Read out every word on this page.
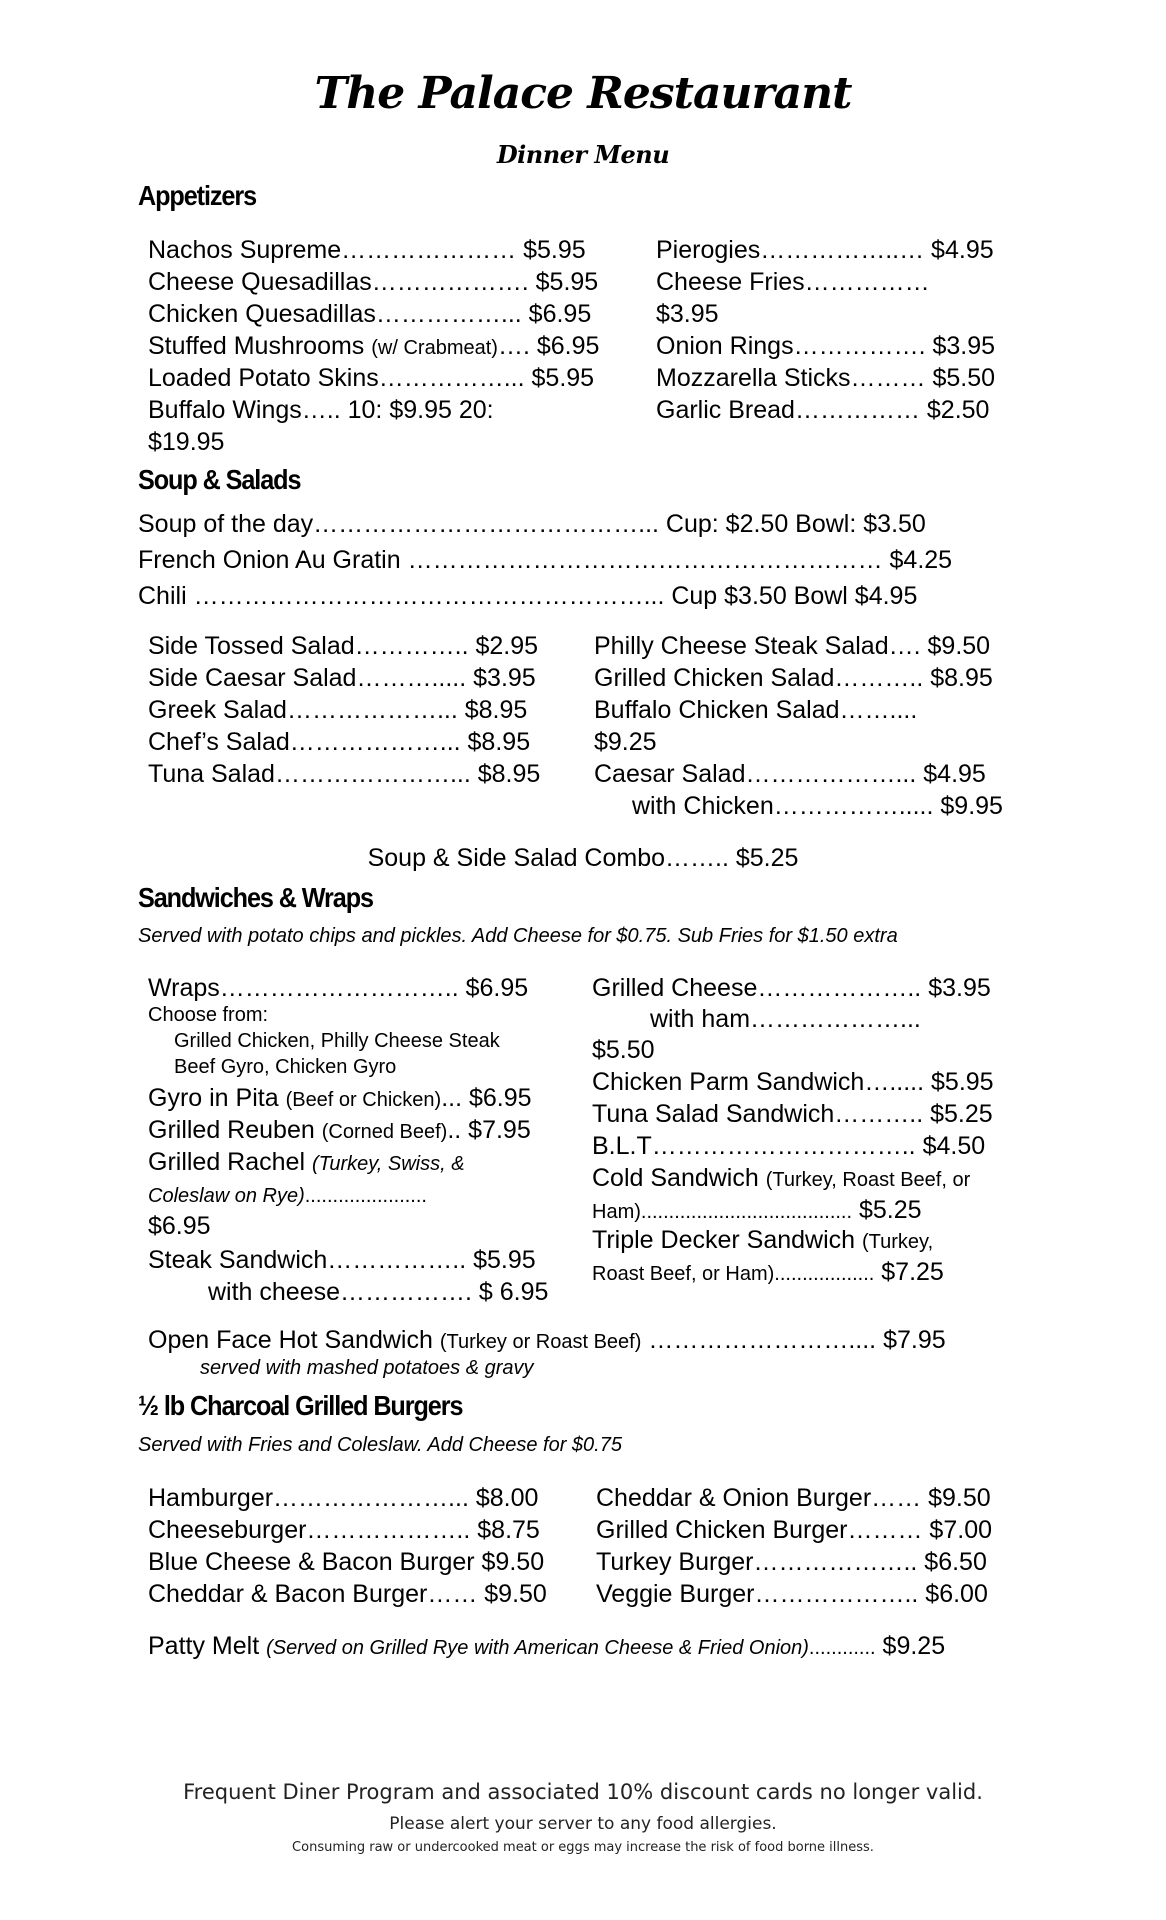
The Palace Restaurant
Dinner Menu
Appetizers
Nachos Supreme………………… $5.95
Cheese Quesadillas………………. $5.95
Chicken Quesadillas……………... $6.95
Stuffed Mushrooms (w/ Crabmeat)…. $6.95
Loaded Potato Skins……………... $5.95
Buffalo Wings….. 10: $9.95 20:
$19.95
Pierogies……………..… $4.95
Cheese Fries……………
$3.95
Onion Rings……………. $3.95
Mozzarella Sticks……… $5.50
Garlic Bread…………… $2.50
Soup & Salads
Soup of the day…………………………………... Cup: $2.50 Bowl: $3.50
French Onion Au Gratin ………………………………………………… $4.25
Chili ………………………………………………... Cup $3.50 Bowl $4.95
Side Tossed Salad………….. $2.95
Side Caesar Salad………..... $3.95
Greek Salad………………... $8.95
Chef’s Salad………………... $8.95
Tuna Salad…………………... $8.95
Philly Cheese Steak Salad…. $9.50
Grilled Chicken Salad……….. $8.95
Buffalo Chicken Salad……....
$9.25
Caesar Salad………………... $4.95
with Chicken……………..... $9.95
Soup & Side Salad Combo…….. $5.25
Sandwiches & Wraps
Served with potato chips and pickles. Add Cheese for $0.75. Sub Fries for $1.50 extra
Wraps……………………….. $6.95
Choose from:
Grilled Chicken, Philly Cheese Steak
Beef Gyro, Chicken Gyro
Gyro in Pita (Beef or Chicken)... $6.95
Grilled Reuben (Corned Beef).. $7.95
Grilled Rachel (Turkey, Swiss, &
Coleslaw on Rye)......................
$6.95
Steak Sandwich…………….. $5.95
with cheese……………. $ 6.95
Grilled Cheese……………….. $3.95
with ham………………...
$5.50
Chicken Parm Sandwich…..... $5.95
Tuna Salad Sandwich……….. $5.25
B.L.T………………………….. $4.50
Cold Sandwich (Turkey, Roast Beef, or
Ham)...................................... $5.25
Triple Decker Sandwich (Turkey,
Roast Beef, or Ham).................. $7.25
Open Face Hot Sandwich (Turkey or Roast Beef) …………………….... $7.95
served with mashed potatoes & gravy
½ lb Charcoal Grilled Burgers
Served with Fries and Coleslaw. Add Cheese for $0.75
Hamburger…………………... $8.00
Cheeseburger……………….. $8.75
Blue Cheese & Bacon Burger $9.50
Cheddar & Bacon Burger…… $9.50
Cheddar & Onion Burger…… $9.50
Grilled Chicken Burger……… $7.00
Turkey Burger……………….. $6.50
Veggie Burger……………….. $6.00
Patty Melt (Served on Grilled Rye with American Cheese & Fried Onion)............ $9.25
Frequent Diner Program and associated 10% discount cards no longer valid.
Please alert your server to any food allergies.
Consuming raw or undercooked meat or eggs may increase the risk of food borne illness.
